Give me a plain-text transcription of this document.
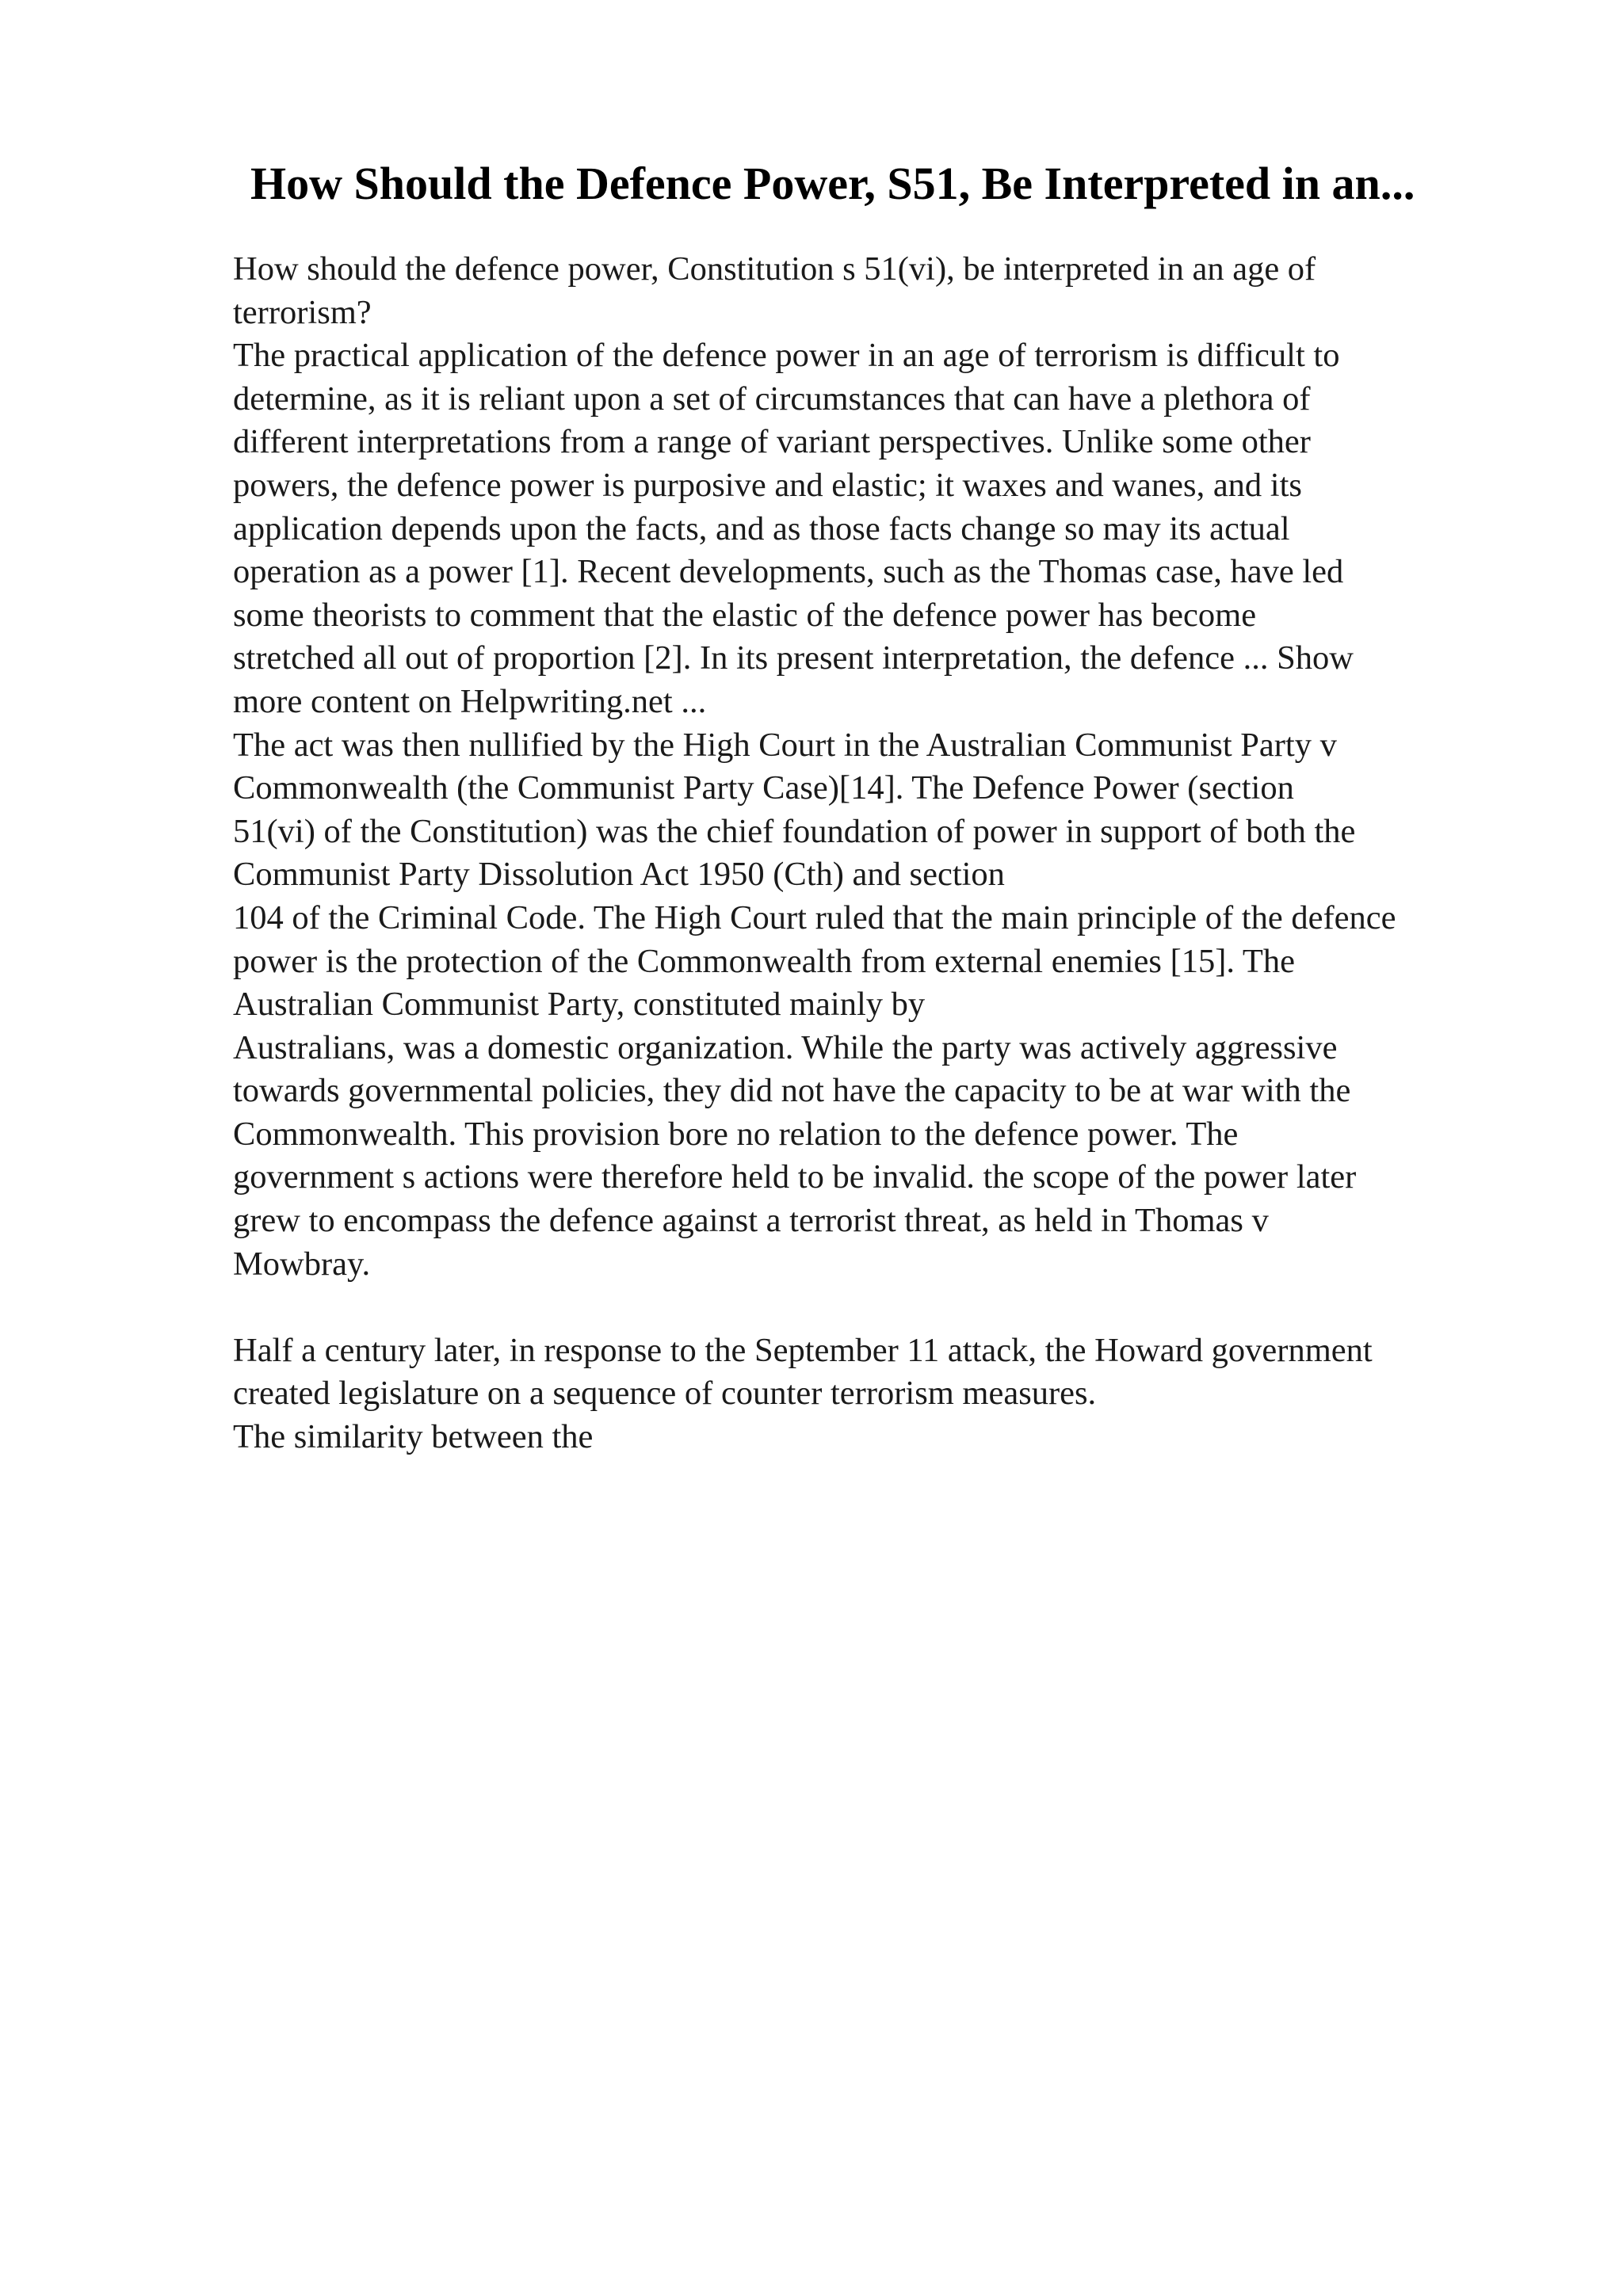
How Should the Defence Power, S51, Be Interpreted in an...
How should the defence power, Constitution s 51(vi), be interpreted in an age of
terrorism?
The practical application of the defence power in an age of terrorism is difficult to
determine, as it is reliant upon a set of circumstances that can have a plethora of
different interpretations from a range of variant perspectives. Unlike some other
powers, the defence power is purposive and elastic; it waxes and wanes, and its
application depends upon the facts, and as those facts change so may its actual
operation as a power [1]. Recent developments, such as the Thomas case, have led
some theorists to comment that the elastic of the defence power has become
stretched all out of proportion [2]. In its present interpretation, the defence ... Show
more content on Helpwriting.net ...
The act was then nullified by the High Court in the Australian Communist Party v
Commonwealth (the Communist Party Case)[14]. The Defence Power (section
51(vi) of the Constitution) was the chief foundation of power in support of both the
Communist Party Dissolution Act 1950 (Cth) and section
104 of the Criminal Code. The High Court ruled that the main principle of the defence
power is the protection of the Commonwealth from external enemies [15]. The
Australian Communist Party, constituted mainly by
Australians, was a domestic organization. While the party was actively aggressive
towards governmental policies, they did not have the capacity to be at war with the
Commonwealth. This provision bore no relation to the defence power. The
government s actions were therefore held to be invalid. the scope of the power later
grew to encompass the defence against a terrorist threat, as held in Thomas v
Mowbray.
Half a century later, in response to the September 11 attack, the Howard government
created legislature on a sequence of counter terrorism measures.
The similarity between the
